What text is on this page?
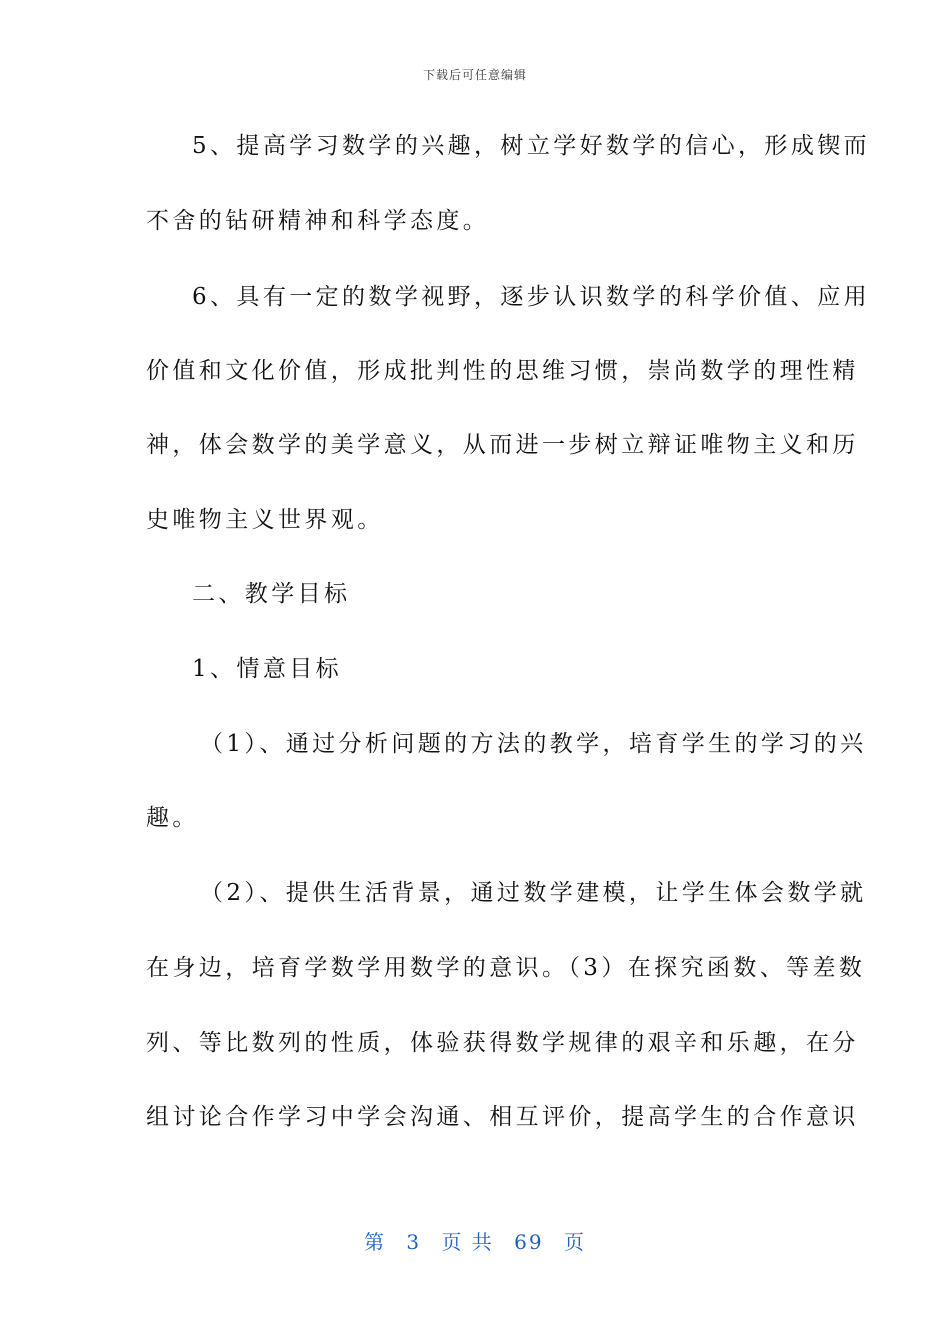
下载后可任意编辑
5、提高学习数学的兴趣，树立学好数学的信心，形成锲而
不舍的钻研精神和科学态度。
6、具有一定的数学视野，逐步认识数学的科学价值、应用
价值和文化价值，形成批判性的思维习惯，崇尚数学的理性精
神，体会数学的美学意义，从而进一步树立辩证唯物主义和历
史唯物主义世界观。
二、教学目标
1、情意目标
（1）、通过分析问题的方法的教学，培育学生的学习的兴
趣。
（2）、提供生活背景，通过数学建模，让学生体会数学就
在身边，培育学数学用数学的意识。（3）在探究函数、等差数
列、等比数列的性质，体验获得数学规律的艰辛和乐趣，在分
组讨论合作学习中学会沟通、相互评价，提高学生的合作意识
第 3 页 共 69 页
